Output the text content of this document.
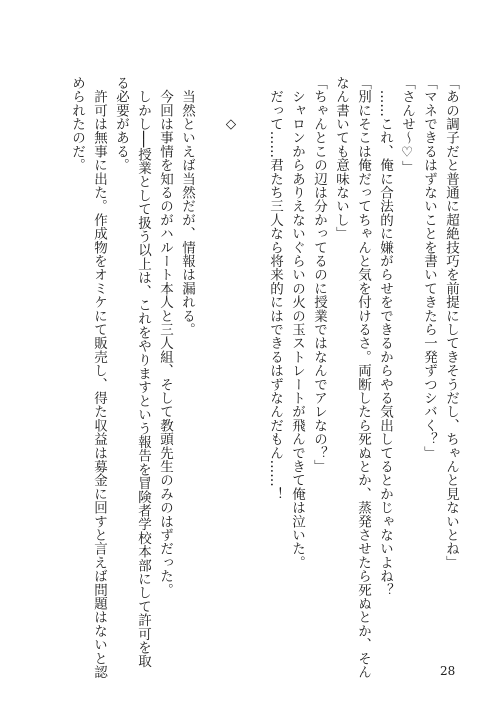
「あの調子だと普通に超絶技巧を前提にしてきそうだし、ちゃんと見ないとね」
「マネできるはずないことを書いてきたら一発ずつシバく？」
「さんせ～♡」
　……これ、俺に合法的に嫌がらせをできるからやる気出してるとかじゃないよね？
「別にそこは俺だってちゃんと気を付けるさ。両断したら死ぬとか、蒸発させたら死ぬとか、そん
なん書いても意味ないし」
「ちゃんとこの辺は分かってるのに授業ではなんでアレなの？」
　シャロンからありえないぐらいの火の玉ストレートが飛んできて俺は泣いた。
　だって……君たち三人なら将来的にはできるはずなんだもん……！
◇
　当然といえば当然だが、情報は漏れる。
　今回は事情を知るのがハルート本人と三人組、そして教頭先生のみのはずだった。
　しかし──授業として扱う以上は、これをやりますという報告を冒険者学校本部にして許可を取
る必要がある。
　許可は無事に出た。作成物をオミケにて販売し、得た収益は募金に回すと言えば問題はないと認
められたのだ。
28
